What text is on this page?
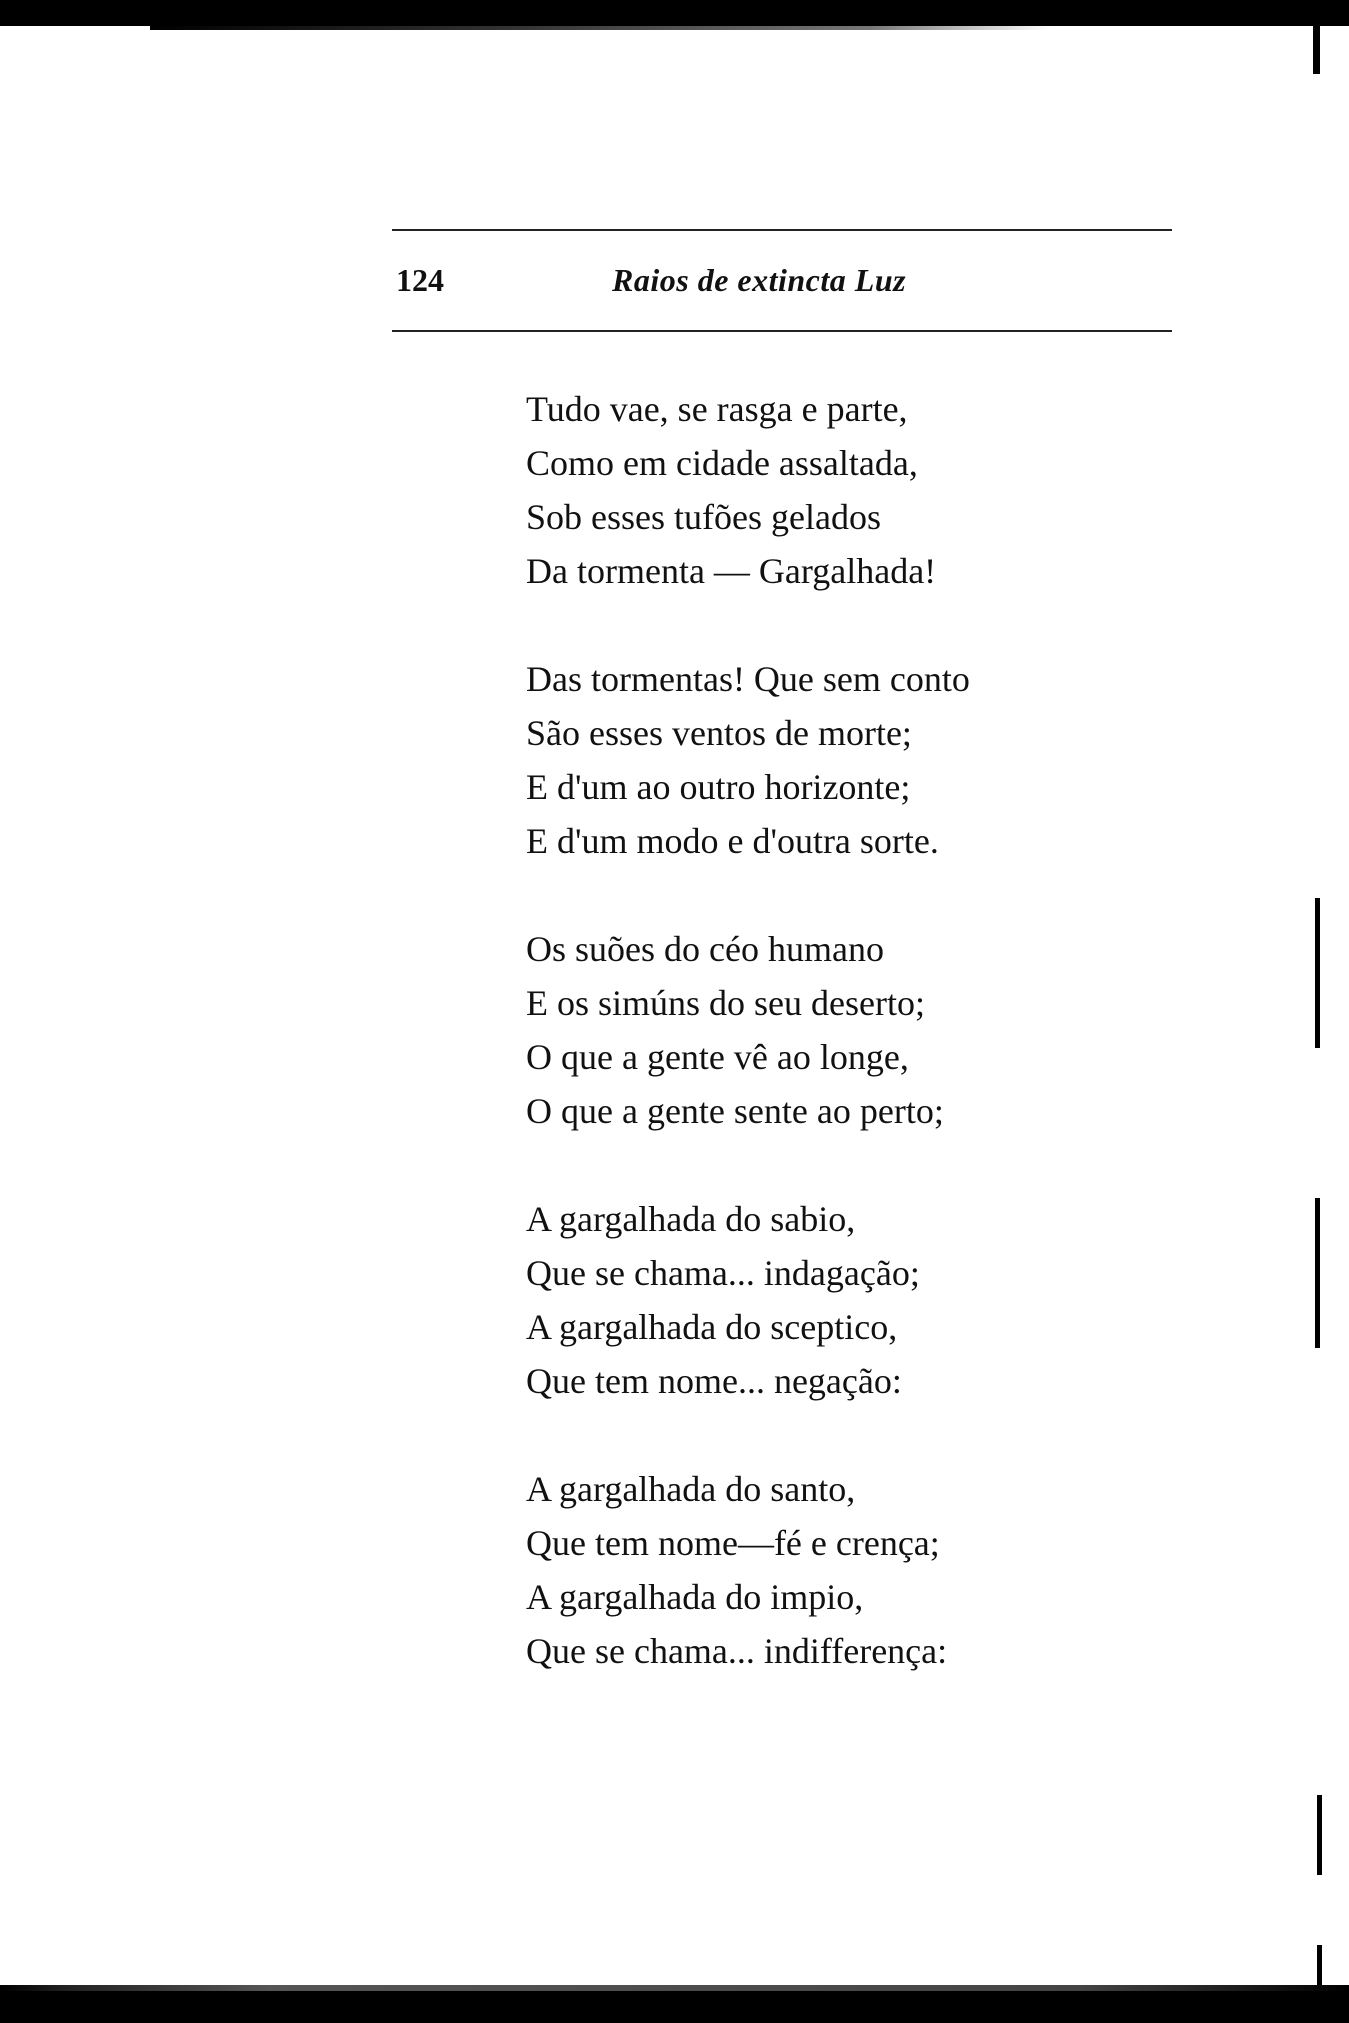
124	Raios de extincta Luz
Tudo vae, se rasga e parte,
Como em cidade assaltada,
Sob esses tufões gelados
Da tormenta — Gargalhada!
Das tormentas! Que sem conto
São esses ventos de morte;
E d'um ao outro horizonte;
E d'um modo e d'outra sorte.
Os suões do céo humano
E os simúns do seu deserto;
O que a gente vê ao longe,
O que a gente sente ao perto;
A gargalhada do sabio,
Que se chama... indagação;
A gargalhada do sceptico,
Que tem nome... negação:
A gargalhada do santo,
Que tem nome—fé e crença;
A gargalhada do impio,
Que se chama... indifferença:
